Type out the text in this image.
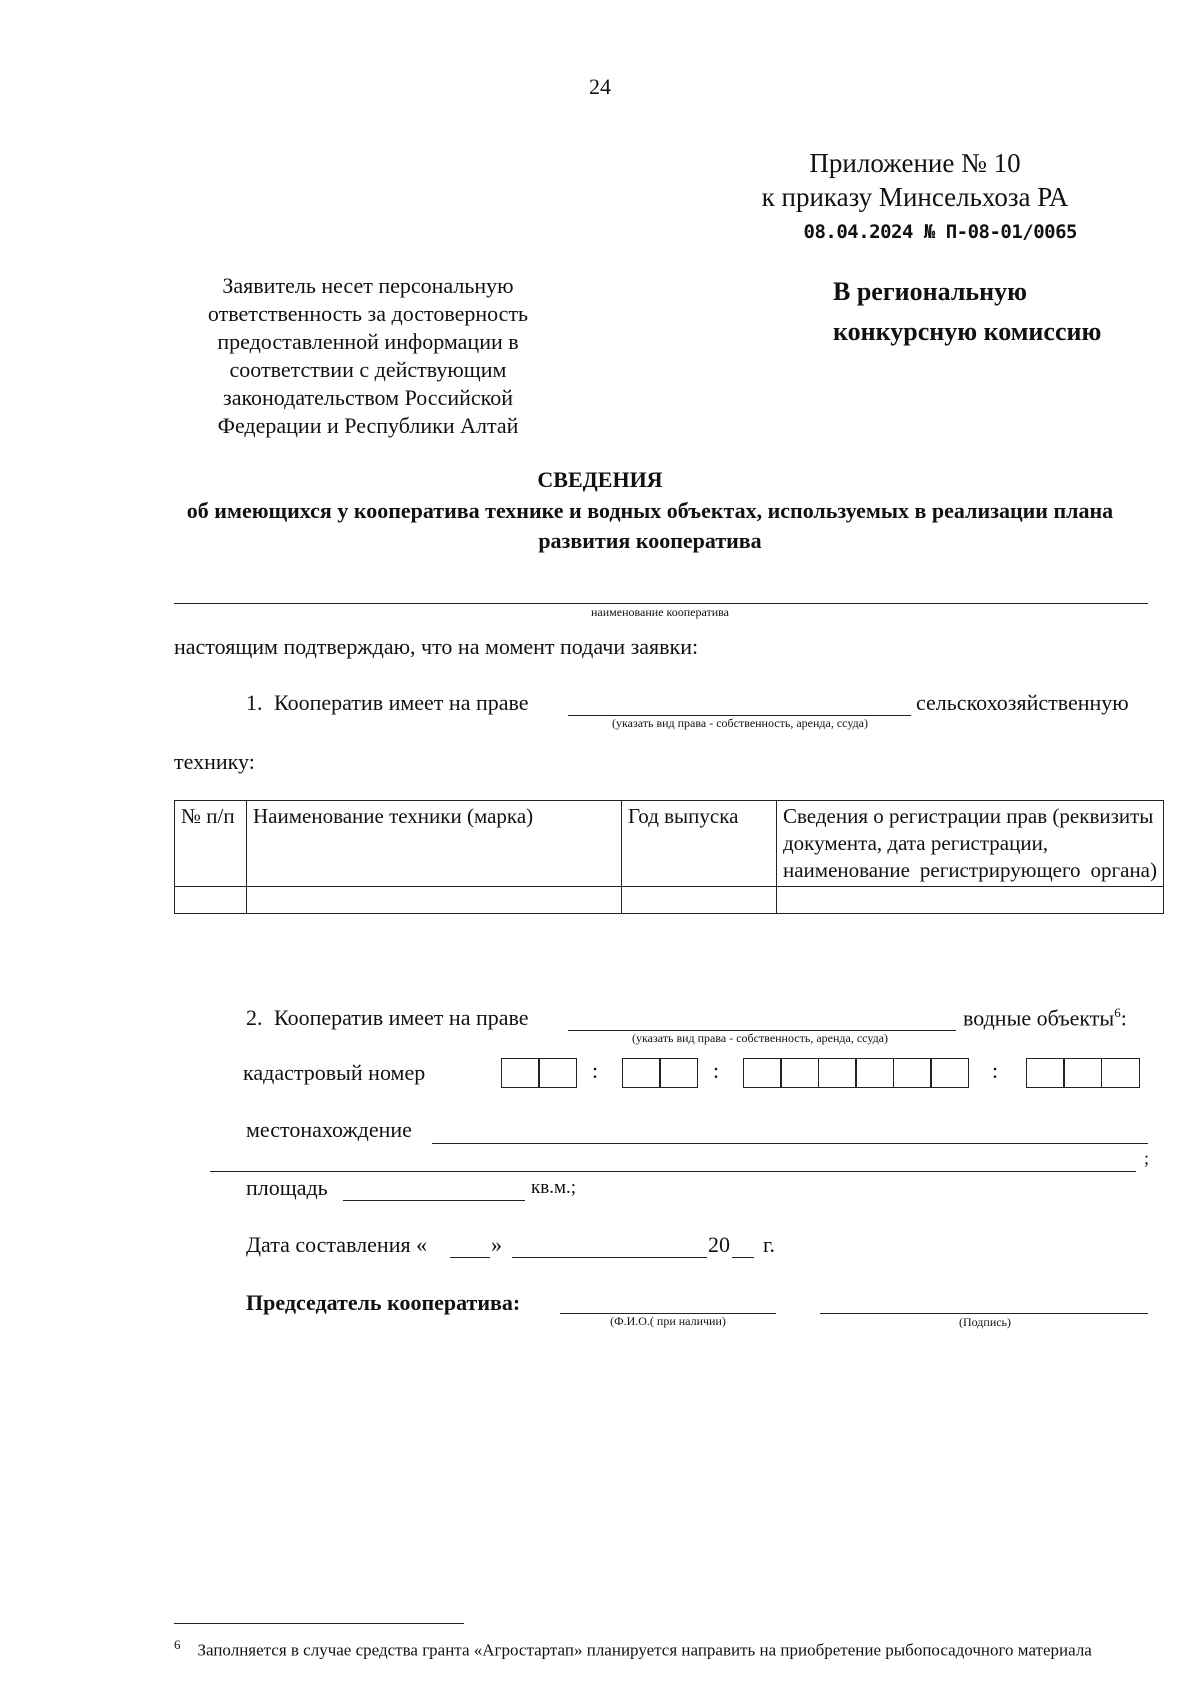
24
Приложение № 10
к приказу Минсельхоза РА
08.04.2024 № П-08-01/0065
Заявитель несет персональную ответственность за достоверность предоставленной информации в соответствии с действующим законодательством Российской Федерации и Республики Алтай
В региональную
конкурсную комиссию
СВЕДЕНИЯ
об имеющихся у кооператива технике и водных объектах, используемых в реализации плана развития кооператива
наименование кооператива
настоящим подтверждаю, что на момент подачи заявки:
1. Кооператив имеет на праве
(указать вид права - собственность, аренда, ссуда)
сельскохозяйственную
технику:
№ п/п	Наименование техники (марка)	Год выпуска	Сведения о регистрации прав (реквизиты документа, дата регистрации, наименование регистрирующего органа)

2. Кооператив имеет на праве
(указать вид права - собственность, аренда, ссуда)
водные объекты$^6$:
кадастровый номер	:	:	:
местонахождение
;
площадь	кв.м.;
Дата составления «	»	20 г.
Председатель кооператива:
(Ф.И.О.( при наличии)	(Подпись)
$^6$ Заполняется в случае средства гранта «Агростартап» планируется направить на приобретение рыбопосадочного материала
